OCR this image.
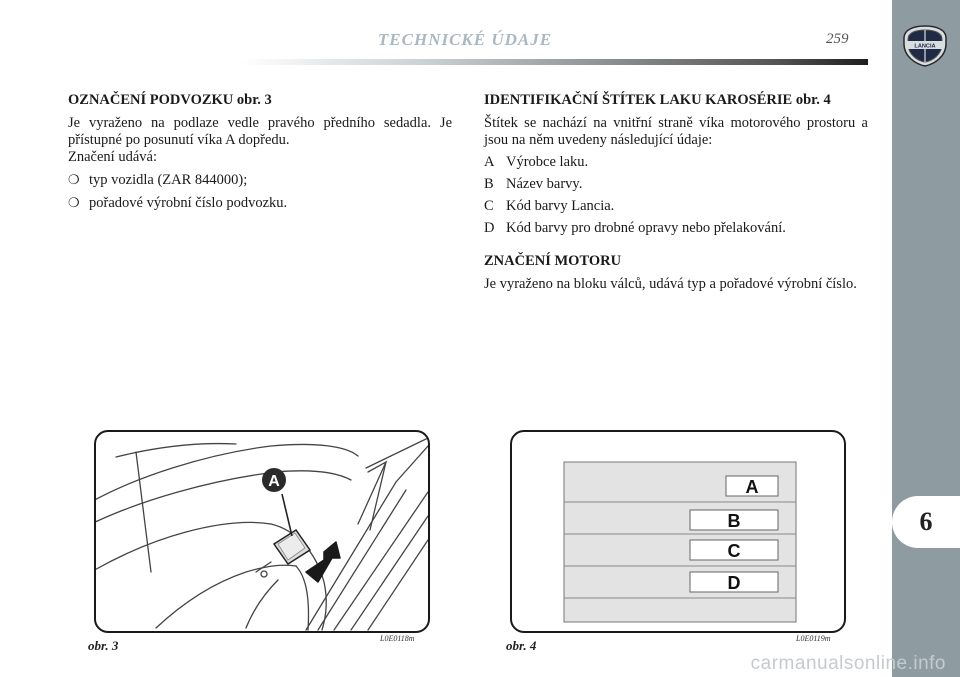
TECHNICKÉ ÚDAJE	259	LANCIA
6
OZNAČENÍ PODVOZKU obr. 3

Je vyraženo na podlaze vedle pravého předního sedadla. Je přístupné po posunutí víka A dopředu.

Značení udává:

❍ typ vozidla (ZAR 844000);
❍ pořadové výrobní číslo podvozku.
IDENTIFIKAČNÍ ŠTÍTEK LAKU KAROSÉRIE obr. 4

Štítek se nachází na vnitřní straně víka motorového prostoru a jsou na něm uvedeny následující údaje:

A Výrobce laku.
B Název barvy.
C Kód barvy Lancia.
D Kód barvy pro drobné opravy nebo přelakování.
ZNAČENÍ MOTORU

Je vyraženo na bloku válců, udává typ a pořadové výrobní číslo.

A
obr. 3	L0E0118m
A
B
C
D
obr. 4	L0E0119m
carmanualsonline.info
